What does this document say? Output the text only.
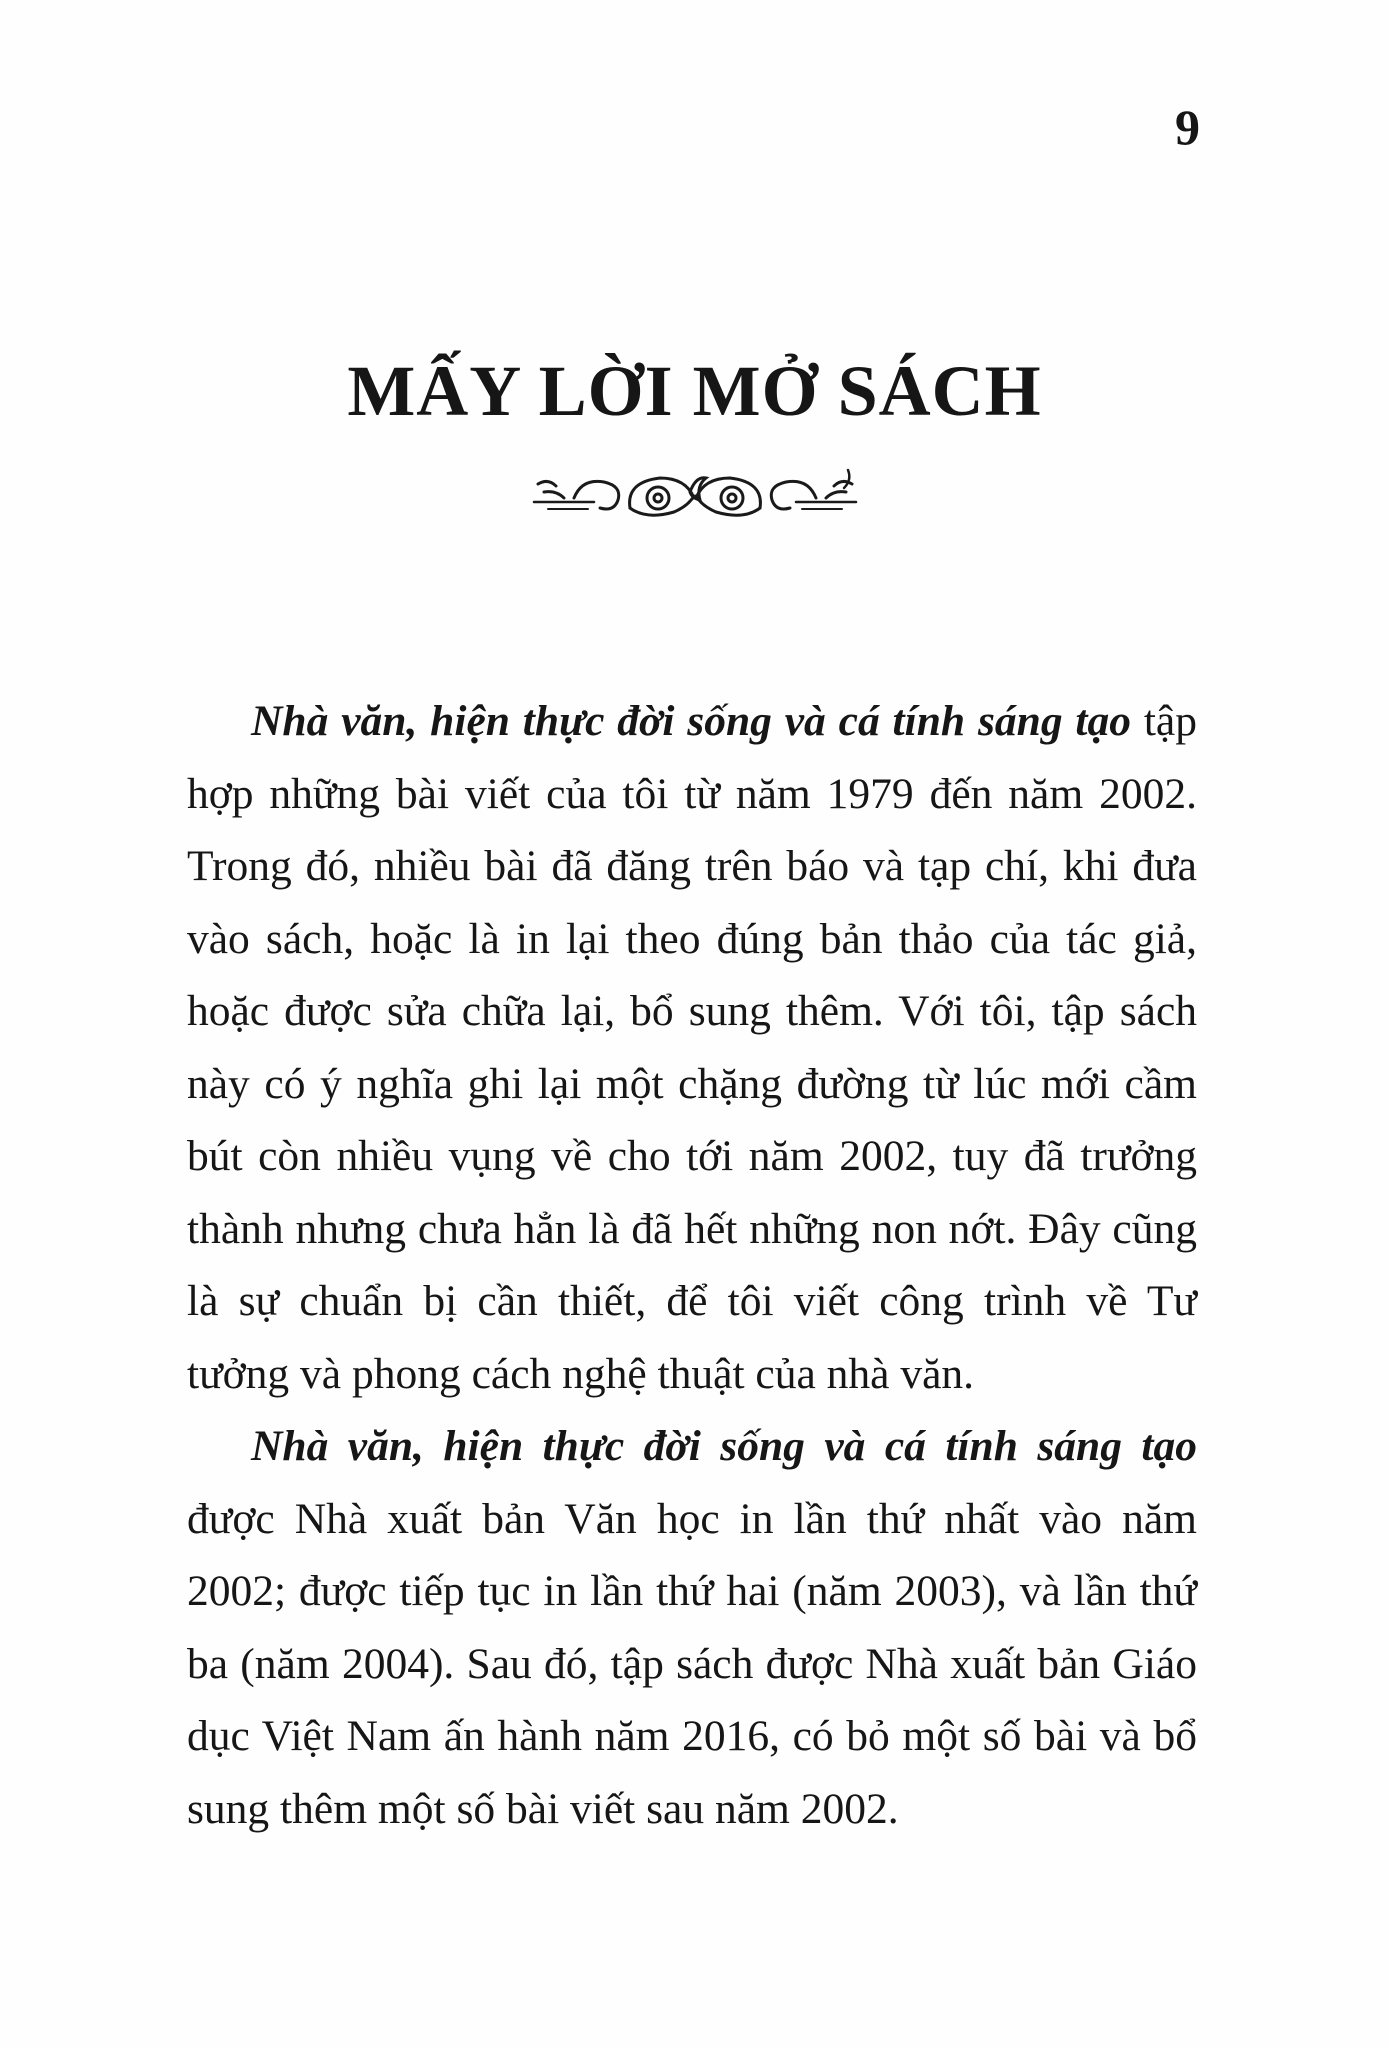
9
MẤY LỜI MỞ SÁCH

Nhà văn, hiện thực đời sống và cá tính sáng tạo tập hợp những bài viết của tôi từ năm 1979 đến năm 2002. Trong đó, nhiều bài đã đăng trên báo và tạp chí, khi đưa vào sách, hoặc là in lại theo đúng bản thảo của tác giả, hoặc được sửa chữa lại, bổ sung thêm. Với tôi, tập sách này có ý nghĩa ghi lại một chặng đường từ lúc mới cầm bút còn nhiều vụng về cho tới năm 2002, tuy đã trưởng thành nhưng chưa hẳn là đã hết những non nớt. Đây cũng là sự chuẩn bị cần thiết, để tôi viết công trình về Tư tưởng và phong cách nghệ thuật của nhà văn.

Nhà văn, hiện thực đời sống và cá tính sáng tạo được Nhà xuất bản Văn học in lần thứ nhất vào năm 2002; được tiếp tục in lần thứ hai (năm 2003), và lần thứ ba (năm 2004). Sau đó, tập sách được Nhà xuất bản Giáo dục Việt Nam ấn hành năm 2016, có bỏ một số bài và bổ sung thêm một số bài viết sau năm 2002.
